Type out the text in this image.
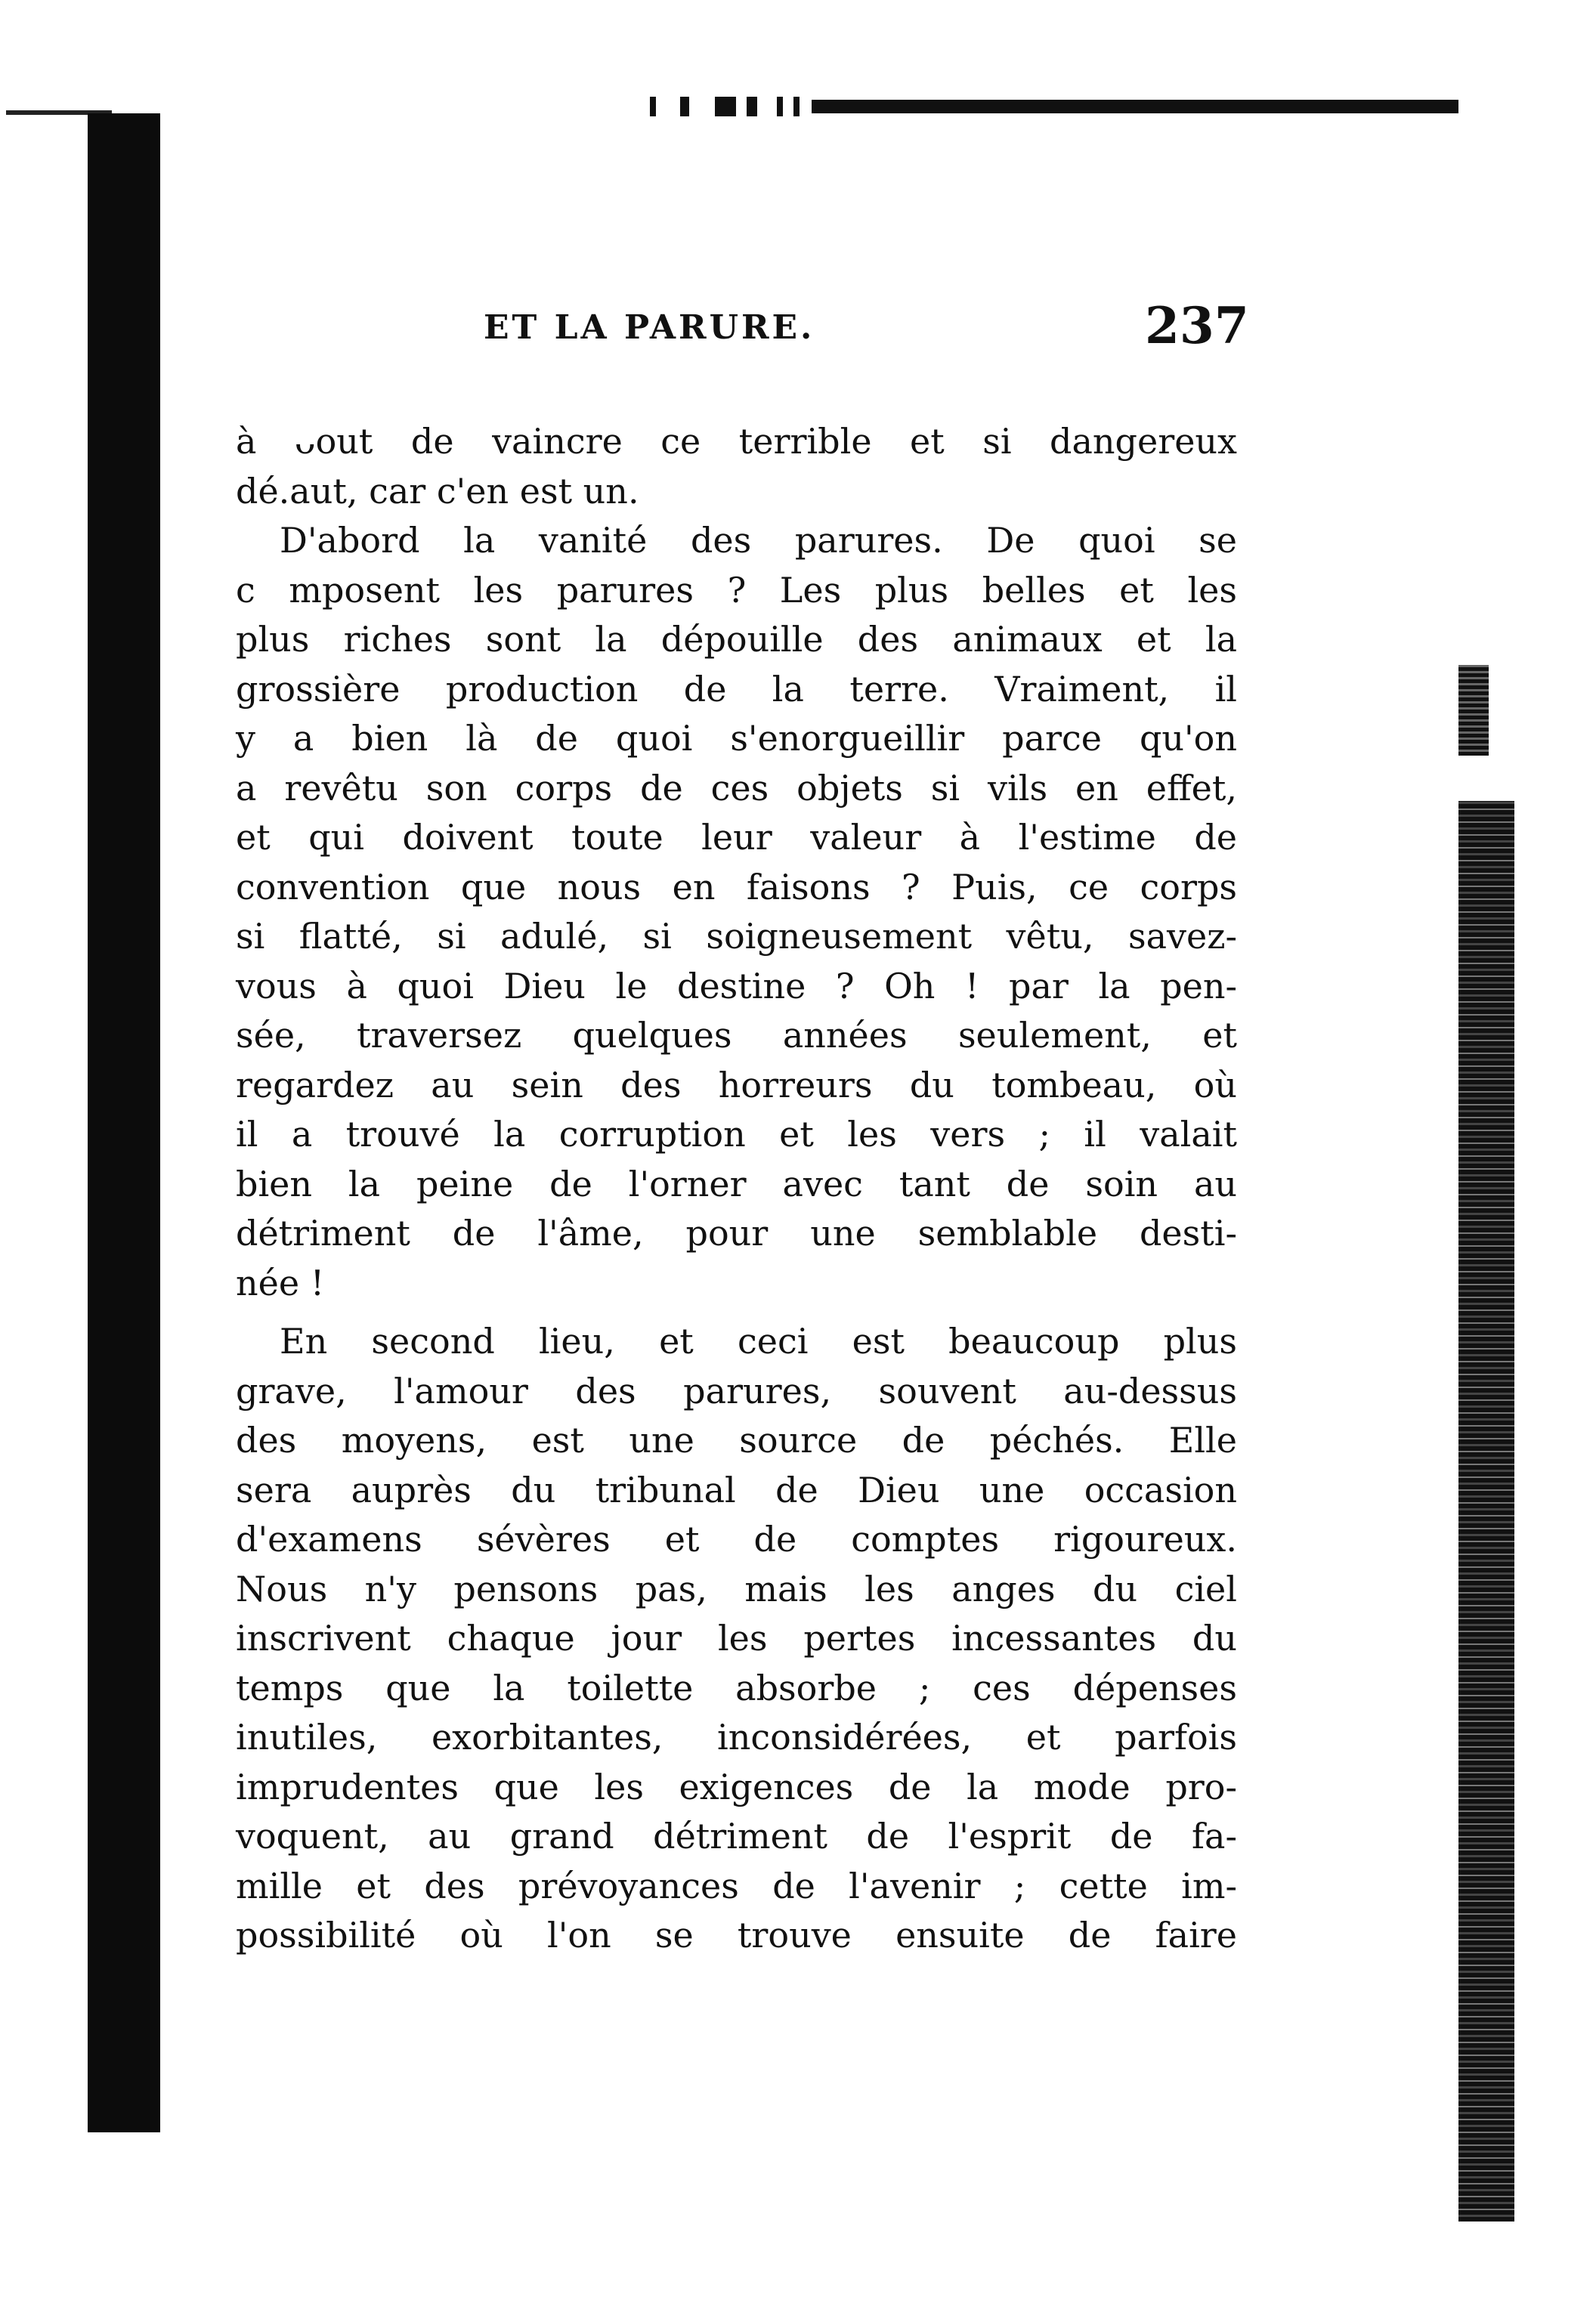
ET LA PARURE.	237
à ᴗout de vaincre ce terrible et si dangereux
dé.aut, car c'en est un.
D'abord la vanité des parures. De quoi se
c mposent les parures ? Les plus belles et les
plus riches sont la dépouille des animaux et la
grossière production de la terre. Vraiment, il
y a bien là de quoi s'enorgueillir parce qu'on
a revêtu son corps de ces objets si vils en effet,
et qui doivent toute leur valeur à l'estime de
convention que nous en faisons ? Puis, ce corps
si flatté, si adulé, si soigneusement vêtu, savez-
vous à quoi Dieu le destine ? Oh ! par la pen-
sée, traversez quelques années seulement, et
regardez au sein des horreurs du tombeau, où
il a trouvé la corruption et les vers ; il valait
bien la peine de l'orner avec tant de soin au
détriment de l'âme, pour une semblable desti-
née !
En second lieu, et ceci est beaucoup plus
grave, l'amour des parures, souvent au-dessus
des moyens, est une source de péchés. Elle
sera auprès du tribunal de Dieu une occasion
d'examens sévères et de comptes rigoureux.
Nous n'y pensons pas, mais les anges du ciel
inscrivent chaque jour les pertes incessantes du
temps que la toilette absorbe ; ces dépenses
inutiles, exorbitantes, inconsidérées, et parfois
imprudentes que les exigences de la mode pro-
voquent, au grand détriment de l'esprit de fa-
mille et des prévoyances de l'avenir ; cette im-
possibilité où l'on se trouve ensuite de faire
